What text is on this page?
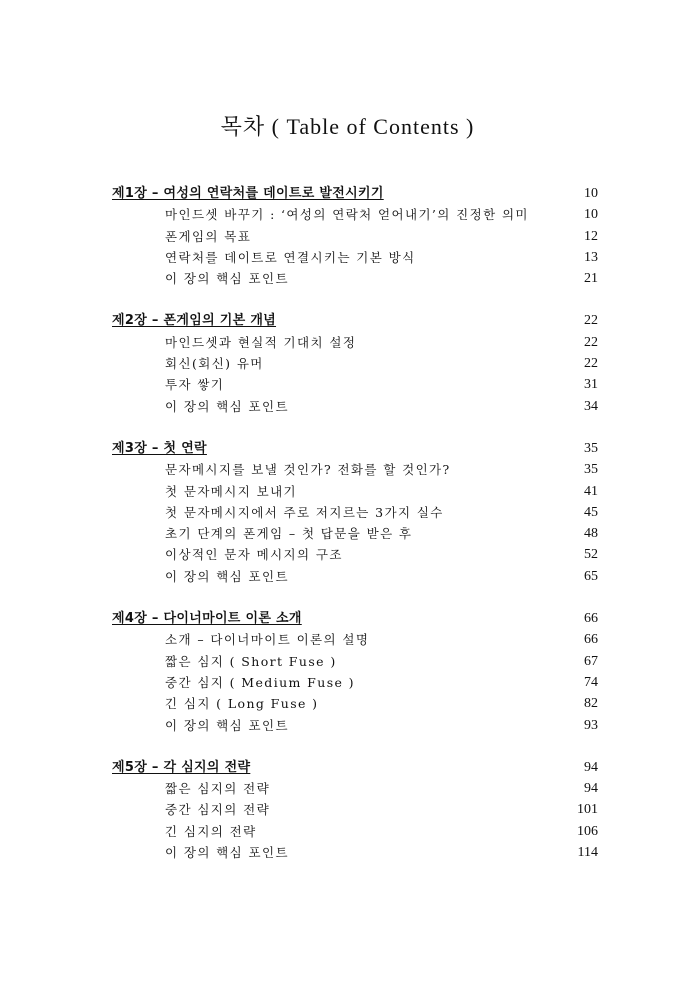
목차 ( Table of Contents )
제1장 – 여성의 연락처를 데이트로 발전시키기	10
마인드셋 바꾸기 : ‘여성의 연락처 얻어내기’의 진정한 의미	10
폰게임의 목표	12
연락처를 데이트로 연결시키는 기본 방식	13
이 장의 핵심 포인트	21
제2장 – 폰게임의 기본 개념	22
마인드셋과 현실적 기대치 설정	22
회신(회신) 유머	22
투자 쌓기	31
이 장의 핵심 포인트	34
제3장 – 첫 연락	35
문자메시지를 보낼 것인가? 전화를 할 것인가?	35
첫 문자메시지 보내기	41
첫 문자메시지에서 주로 저지르는 3가지 실수	45
초기 단계의 폰게임 – 첫 답문을 받은 후	48
이상적인 문자 메시지의 구조	52
이 장의 핵심 포인트	65
제4장 – 다이너마이트 이론 소개	66
소개 – 다이너마이트 이론의 설명	66
짧은 심지 ( Short Fuse )	67
중간 심지 ( Medium Fuse )	74
긴 심지 ( Long Fuse )	82
이 장의 핵심 포인트	93
제5장 – 각 심지의 전략	94
짧은 심지의 전략	94
중간 심지의 전략	101
긴 심지의 전략	106
이 장의 핵심 포인트	114
